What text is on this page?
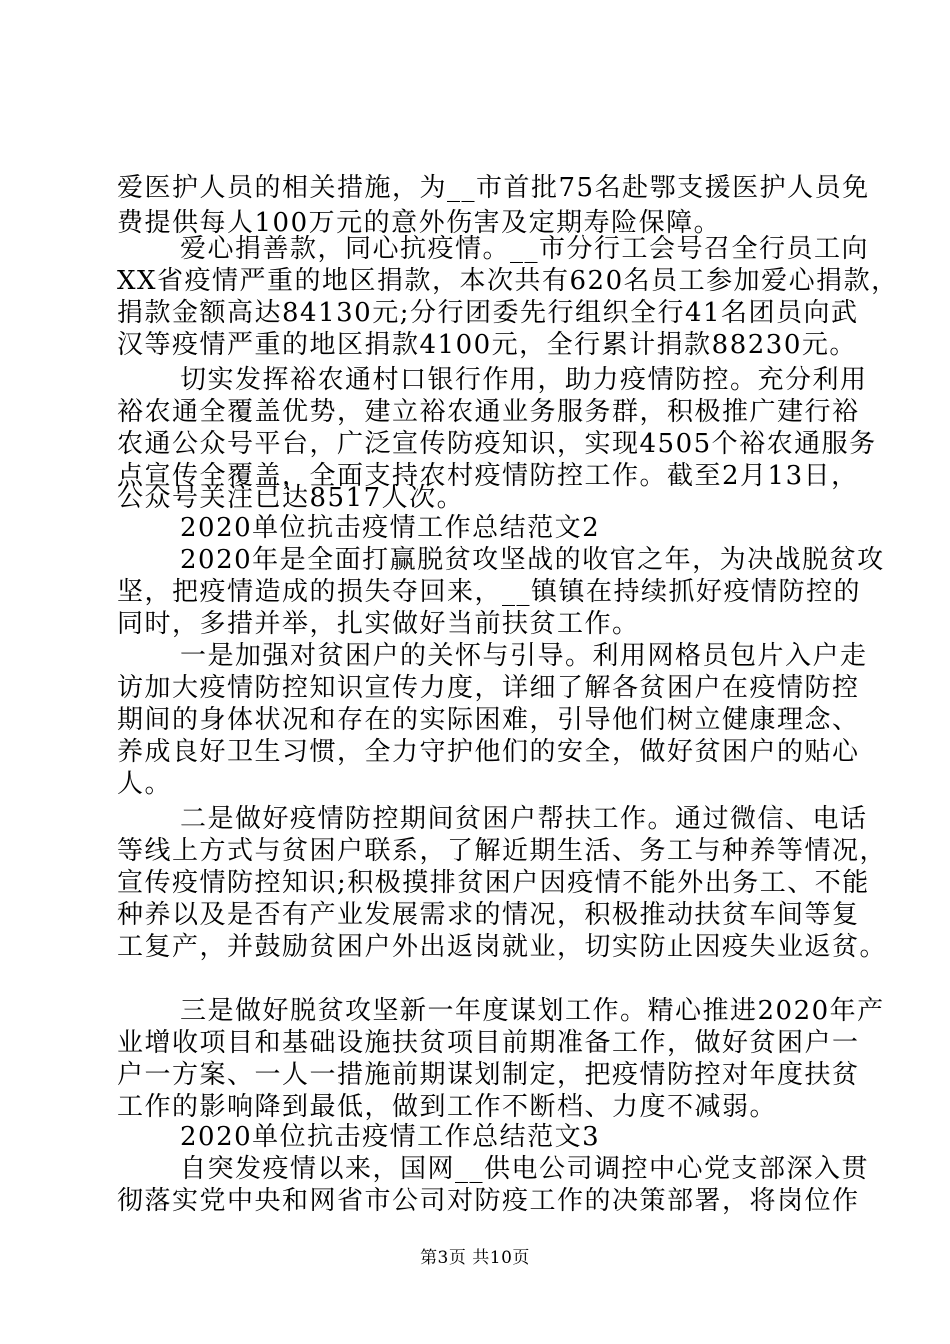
爱医护人员的相关措施，为__市首批75名赴鄂支援医护人员免
费提供每人100万元的意外伤害及定期寿险保障。
爱心捐善款，同心抗疫情。__市分行工会号召全行员工向
XX省疫情严重的地区捐款，本次共有620名员工参加爱心捐款，
捐款金额高达84130元;分行团委先行组织全行41名团员向武
汉等疫情严重的地区捐款4100元，全行累计捐款88230元。
切实发挥裕农通村口银行作用，助力疫情防控。充分利用
裕农通全覆盖优势，建立裕农通业务服务群，积极推广建行裕
农通公众号平台，广泛宣传防疫知识，实现4505个裕农通服务
点宣传全覆盖，全面支持农村疫情防控工作。截至2月13日，
公众号关注已达8517人次。
2020单位抗击疫情工作总结范文2
2020年是全面打赢脱贫攻坚战的收官之年，为决战脱贫攻
坚，把疫情造成的损失夺回来，__镇镇在持续抓好疫情防控的
同时，多措并举，扎实做好当前扶贫工作。
一是加强对贫困户的关怀与引导。利用网格员包片入户走
访加大疫情防控知识宣传力度，详细了解各贫困户在疫情防控
期间的身体状况和存在的实际困难，引导他们树立健康理念、
养成良好卫生习惯，全力守护他们的安全，做好贫困户的贴心
人。
二是做好疫情防控期间贫困户帮扶工作。通过微信、电话
等线上方式与贫困户联系，了解近期生活、务工与种养等情况，
宣传疫情防控知识;积极摸排贫困户因疫情不能外出务工、不能
种养以及是否有产业发展需求的情况，积极推动扶贫车间等复
工复产，并鼓励贫困户外出返岗就业，切实防止因疫失业返贫。
三是做好脱贫攻坚新一年度谋划工作。精心推进2020年产
业增收项目和基础设施扶贫项目前期准备工作，做好贫困户一
户一方案、一人一措施前期谋划制定，把疫情防控对年度扶贫
工作的影响降到最低，做到工作不断档、力度不减弱。
2020单位抗击疫情工作总结范文3
自突发疫情以来，国网__供电公司调控中心党支部深入贯
彻落实党中央和网省市公司对防疫工作的决策部署，将岗位作
第3页 共10页
